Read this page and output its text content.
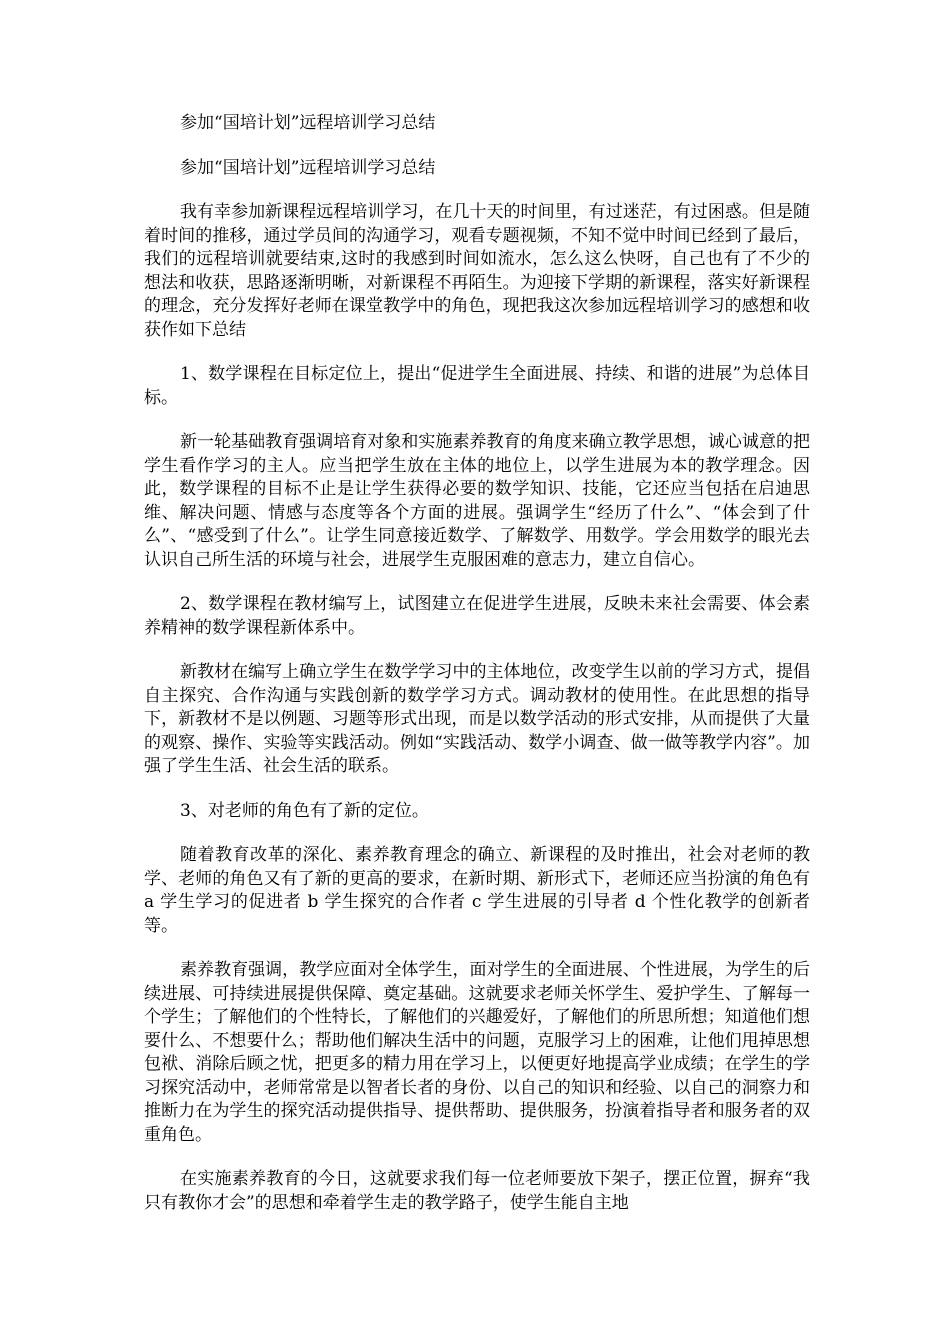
参加“国培计划”远程培训学习总结

参加“国培计划”远程培训学习总结

我有幸参加新课程远程培训学习，在几十天的时间里，有过迷茫，有过困惑。但是随着时间的推移，通过学员间的沟通学习，观看专题视频，不知不觉中时间已经到了最后，我们的远程培训就要结束,这时的我感到时间如流水，怎么这么快呀，自己也有了不少的想法和收获，思路逐渐明晰，对新课程不再陌生。为迎接下学期的新课程，落实好新课程的理念，充分发挥好老师在课堂教学中的角色，现把我这次参加远程培训学习的感想和收获作如下总结

1、数学课程在目标定位上，提出“促进学生全面进展、持续、和谐的进展”为总体目标。

新一轮基础教育强调培育对象和实施素养教育的角度来确立教学思想，诚心诚意的把学生看作学习的主人。应当把学生放在主体的地位上，以学生进展为本的教学理念。因此，数学课程的目标不止是让学生获得必要的数学知识、技能，它还应当包括在启迪思维、解决问题、情感与态度等各个方面的进展。强调学生“经历了什么”、“体会到了什么”、“感受到了什么”。让学生同意接近数学、了解数学、用数学。学会用数学的眼光去认识自己所生活的环境与社会，进展学生克服困难的意志力，建立自信心。

2、数学课程在教材编写上，试图建立在促进学生进展，反映未来社会需要、体会素养精神的数学课程新体系中。

新教材在编写上确立学生在数学学习中的主体地位，改变学生以前的学习方式，提倡自主探究、合作沟通与实践创新的数学学习方式。调动教材的使用性。在此思想的指导下，新教材不是以例题、习题等形式出现，而是以数学活动的形式安排，从而提供了大量的观察、操作、实验等实践活动。例如“实践活动、数学小调查、做一做等教学内容”。加强了学生生活、社会生活的联系。

3、对老师的角色有了新的定位。

随着教育改革的深化、素养教育理念的确立、新课程的及时推出，社会对老师的教学、老师的角色又有了新的更高的要求，在新时期、新形式下，老师还应当扮演的角色有 a 学生学习的促进者 b 学生探究的合作者 c 学生进展的引导者 d 个性化教学的创新者等。

素养教育强调，教学应面对全体学生，面对学生的全面进展、个性进展，为学生的后续进展、可持续进展提供保障、奠定基础。这就要求老师关怀学生、爱护学生、了解每一个学生；了解他们的个性特长，了解他们的兴趣爱好，了解他们的所思所想；知道他们想要什么、不想要什么；帮助他们解决生活中的问题，克服学习上的困难，让他们甩掉思想包袱、消除后顾之忧，把更多的精力用在学习上，以便更好地提高学业成绩；在学生的学习探究活动中，老师常常是以智者长者的身份、以自己的知识和经验、以自己的洞察力和推断力在为学生的探究活动提供指导、提供帮助、提供服务，扮演着指导者和服务者的双重角色。

在实施素养教育的今日，这就要求我们每一位老师要放下架子，摆正位置，摒弃“我只有教你才会”的思想和牵着学生走的教学路子，使学生能自主地
